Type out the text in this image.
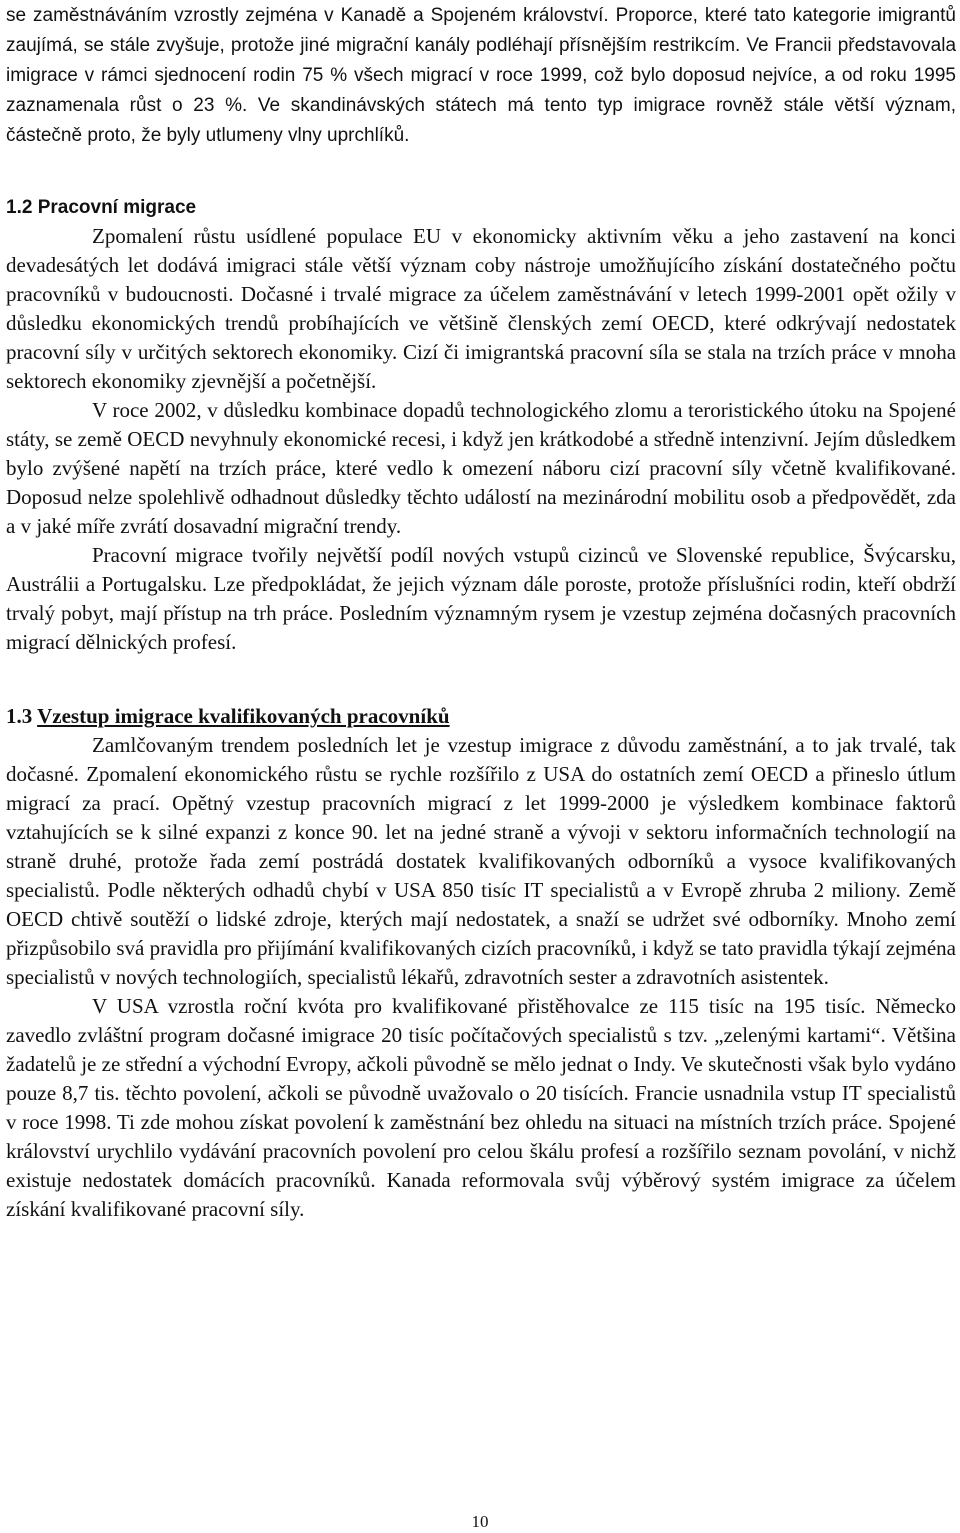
se zaměstnáváním vzrostly zejména v Kanadě a Spojeném království. Proporce, které tato kategorie imigrantů zaujímá, se stále zvyšuje, protože jiné migrační kanály podléhají přísnějším restrikcím. Ve Francii představovala imigrace v rámci sjednocení rodin 75 % všech migrací v roce 1999, což bylo doposud nejvíce, a od roku 1995 zaznamenala růst o 23 %. Ve skandinávských státech má tento typ imigrace rovněž stále větší význam, částečně proto, že byly utlumeny vlny uprchlíků.

1.2 Pracovní migrace

Zpomalení růstu usídlené populace EU v ekonomicky aktivním věku a jeho zastavení na konci devadesátých let dodává imigraci stále větší význam coby nástroje umožňujícího získání dostatečného počtu pracovníků v budoucnosti. Dočasné i trvalé migrace za účelem zaměstnávání v letech 1999-2001 opět ožily v důsledku ekonomických trendů probíhajících ve většině členských zemí OECD, které odkrývají nedostatek pracovní síly v určitých sektorech ekonomiky. Cizí či imigrantská pracovní síla se stala na trzích práce v mnoha sektorech ekonomiky zjevnější a početnější.

V roce 2002, v důsledku kombinace dopadů technologického zlomu a teroristického útoku na Spojené státy, se země OECD nevyhnuly ekonomické recesi, i když jen krátkodobé a středně intenzivní. Jejím důsledkem bylo zvýšené napětí na trzích práce, které vedlo k omezení náboru cizí pracovní síly včetně kvalifikované. Doposud nelze spolehlivě odhadnout důsledky těchto událostí na mezinárodní mobilitu osob a předpovědět, zda a v jaké míře zvrátí dosavadní migrační trendy.

Pracovní migrace tvořily největší podíl nových vstupů cizinců ve Slovenské republice, Švýcarsku, Austrálii a Portugalsku. Lze předpokládat, že jejich význam dále poroste, protože příslušníci rodin, kteří obdrží trvalý pobyt, mají přístup na trh práce. Posledním významným rysem je vzestup zejména dočasných pracovních migrací dělnických profesí.

1.3 Vzestup imigrace kvalifikovaných pracovníků

Zamlčovaným trendem posledních let je vzestup imigrace z důvodu zaměstnání, a to jak trvalé, tak dočasné. Zpomalení ekonomického růstu se rychle rozšířilo z USA do ostatních zemí OECD a přineslo útlum migrací za prací. Opětný vzestup pracovních migrací z let 1999-2000 je výsledkem kombinace faktorů vztahujících se k silné expanzi z konce 90. let na jedné straně a vývoji v sektoru informačních technologií na straně druhé, protože řada zemí postrádá dostatek kvalifikovaných odborníků a vysoce kvalifikovaných specialistů. Podle některých odhadů chybí v USA 850 tisíc IT specialistů a v Evropě zhruba 2 miliony. Země OECD chtivě soutěží o lidské zdroje, kterých mají nedostatek, a snaží se udržet své odborníky. Mnoho zemí přizpůsobilo svá pravidla pro přijímání kvalifikovaných cizích pracovníků, i když se tato pravidla týkají zejména specialistů v nových technologiích, specialistů lékařů, zdravotních sester a zdravotních asistentek.

V USA vzrostla roční kvóta pro kvalifikované přistěhovalce ze 115 tisíc na 195 tisíc. Německo zavedlo zvláštní program dočasné imigrace 20 tisíc počítačových specialistů s tzv. „zelenými kartami“. Většina žadatelů je ze střední a východní Evropy, ačkoli původně se mělo jednat o Indy. Ve skutečnosti však bylo vydáno pouze 8,7 tis. těchto povolení, ačkoli se původně uvažovalo o 20 tisících. Francie usnadnila vstup IT specialistů v roce 1998. Ti zde mohou získat povolení k zaměstnání bez ohledu na situaci na místních trzích práce. Spojené království urychlilo vydávání pracovních povolení pro celou škálu profesí a rozšířilo seznam povolání, v nichž existuje nedostatek domácích pracovníků. Kanada reformovala svůj výběrový systém imigrace za účelem získání kvalifikované pracovní síly.

10
